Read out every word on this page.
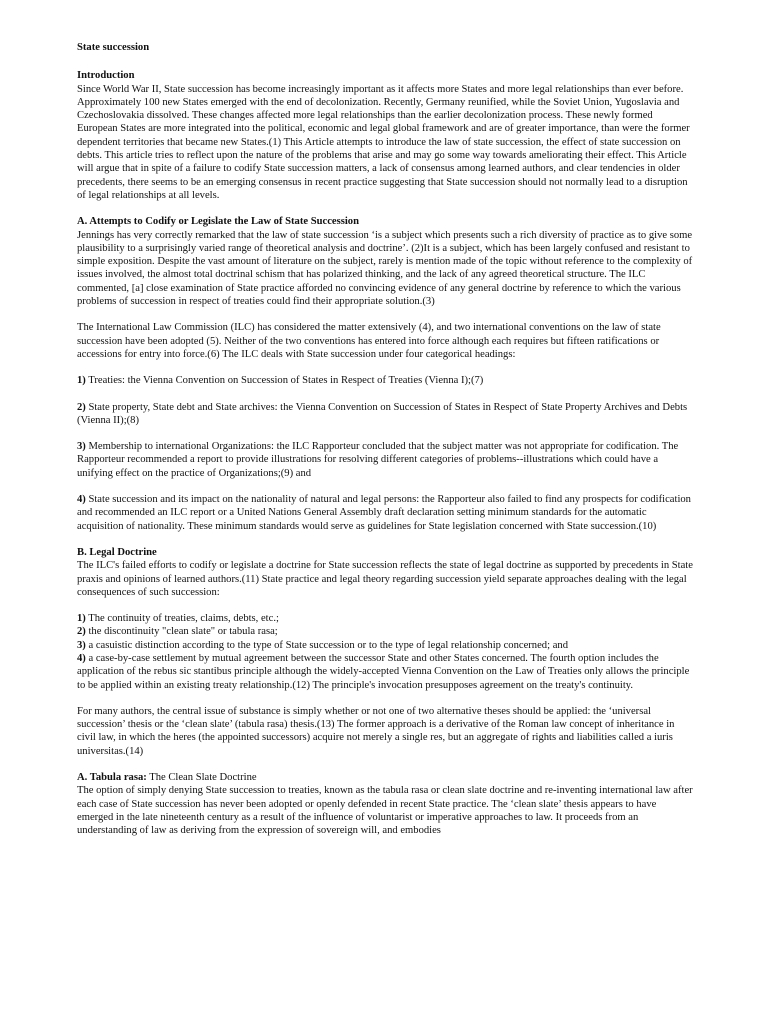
State succession

Introduction

Since World War II, State succession has become increasingly important as it affects more States and more legal relationships than ever before. Approximately 100 new States emerged with the end of decolonization. Recently, Germany reunified, while the Soviet Union, Yugoslavia and Czechoslovakia dissolved. These changes affected more legal relationships than the earlier decolonization process. These newly formed European States are more integrated into the political, economic and legal global framework and are of greater importance, than were the former dependent territories that became new States.(1) This Article attempts to introduce the law of state succession, the effect of state succession on debts. This article tries to reflect upon the nature of the problems that arise and may go some way towards ameliorating their effect. This Article will argue that in spite of a failure to codify State succession matters, a lack of consensus among learned authors, and clear tendencies in older precedents, there seems to be an emerging consensus in recent practice suggesting that State succession should not normally lead to a disruption of legal relationships at all levels.

A. Attempts to Codify or Legislate the Law of State Succession

Jennings has very correctly remarked that the law of state succession ‘is a subject which presents such a rich diversity of practice as to give some plausibility to a surprisingly varied range of theoretical analysis and doctrine’. (2)It is a subject, which has been largely confused and resistant to simple exposition. Despite the vast amount of literature on the subject, rarely is mention made of the topic without reference to the complexity of issues involved, the almost total doctrinal schism that has polarized thinking, and the lack of any agreed theoretical structure. The ILC commented, [a] close examination of State practice afforded no convincing evidence of any general doctrine by reference to which the various problems of succession in respect of treaties could find their appropriate solution.(3)

The International Law Commission (ILC) has considered the matter extensively (4), and two international conventions on the law of state succession have been adopted (5). Neither of the two conventions has entered into force although each requires but fifteen ratifications or accessions for entry into force.(6) The ILC deals with State succession under four categorical headings:

1) Treaties: the Vienna Convention on Succession of States in Respect of Treaties (Vienna I);(7)

2) State property, State debt and State archives: the Vienna Convention on Succession of States in Respect of State Property Archives and Debts (Vienna II);(8)

3) Membership to international Organizations: the ILC Rapporteur concluded that the subject matter was not appropriate for codification. The Rapporteur recommended a report to provide illustrations for resolving different categories of problems--illustrations which could have a unifying effect on the practice of Organizations;(9) and

4) State succession and its impact on the nationality of natural and legal persons: the Rapporteur also failed to find any prospects for codification and recommended an ILC report or a United Nations General Assembly draft declaration setting minimum standards for the automatic acquisition of nationality. These minimum standards would serve as guidelines for State legislation concerned with State succession.(10)

B. Legal Doctrine

The ILC's failed efforts to codify or legislate a doctrine for State succession reflects the state of legal doctrine as supported by precedents in State praxis and opinions of learned authors.(11) State practice and legal theory regarding succession yield separate approaches dealing with the legal consequences of such succession:

1) The continuity of treaties, claims, debts, etc.;

2) the discontinuity "clean slate" or tabula rasa;

3) a casuistic distinction according to the type of State succession or to the type of legal relationship concerned; and

4) a case-by-case settlement by mutual agreement between the successor State and other States concerned. The fourth option includes the application of the rebus sic stantibus principle although the widely-accepted Vienna Convention on the Law of Treaties only allows the principle to be applied within an existing treaty relationship.(12) The principle's invocation presupposes agreement on the treaty's continuity.

For many authors, the central issue of substance is simply whether or not one of two alternative theses should be applied: the ‘universal succession’ thesis or the ‘clean slate’ (tabula rasa) thesis.(13) The former approach is a derivative of the Roman law concept of inheritance in civil law, in which the heres (the appointed successors) acquire not merely a single res, but an aggregate of rights and liabilities called a iuris universitas.(14)

A. Tabula rasa: The Clean Slate Doctrine

The option of simply denying State succession to treaties, known as the tabula rasa or clean slate doctrine and re-inventing international law after each case of State succession has never been adopted or openly defended in recent State practice. The ‘clean slate’ thesis appears to have emerged in the late nineteenth century as a result of the influence of voluntarist or imperative approaches to law. It proceeds from an understanding of law as deriving from the expression of sovereign will, and embodies
